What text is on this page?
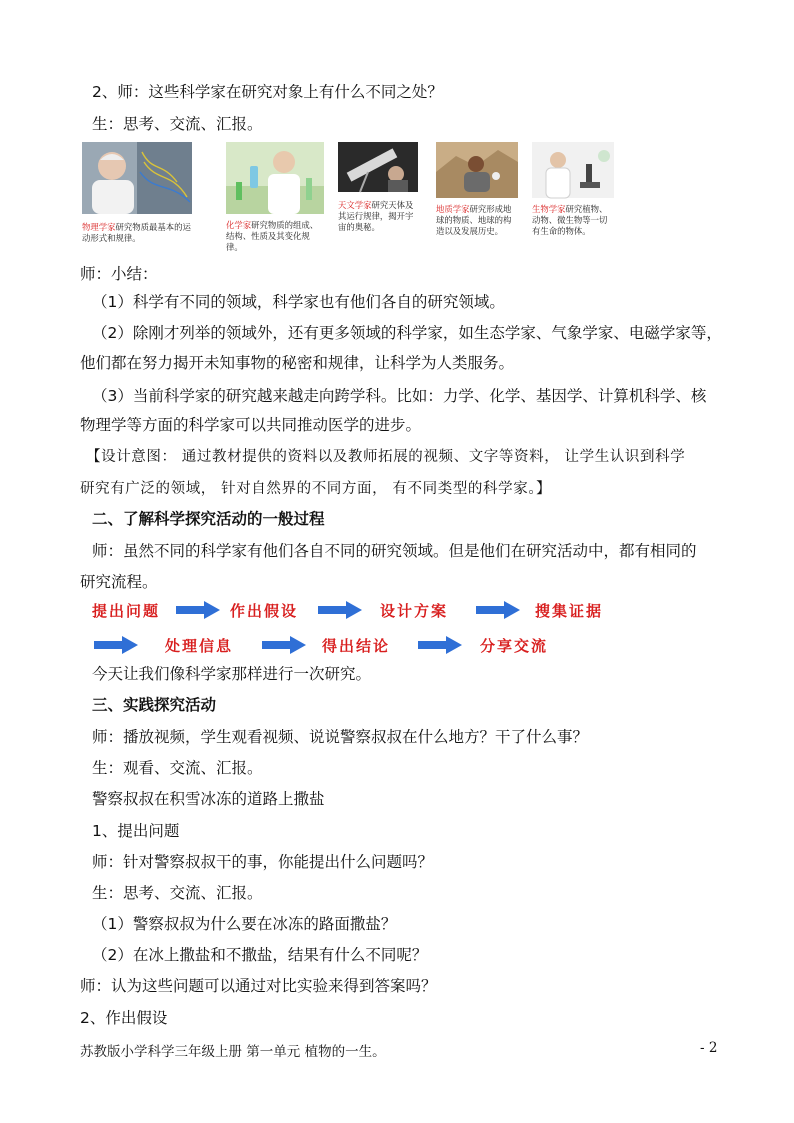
2、师：这些科学家在研究对象上有什么不同之处？
生：思考、交流、汇报。
物理学家研究物质最基本的运动形式和规律。
化学家研究物质的组成、结构、性质及其变化规律。
天文学家研究天体及其运行规律，揭开宇宙的奥秘。
地质学家研究形成地球的物质、地球的构造以及发展历史。
生物学家研究植物、动物、微生物等一切有生命的物体。
师：小结：
（1）科学有不同的领域，科学家也有他们各自的研究领域。
（2）除刚才列举的领域外，还有更多领域的科学家，如生态学家、气象学家、电磁学家等，
他们都在努力揭开未知事物的秘密和规律，让科学为人类服务。
（3）当前科学家的研究越来越走向跨学科。比如：力学、化学、基因学、计算机科学、核
物理学等方面的科学家可以共同推动医学的进步。
【设计意图： 通过教材提供的资料以及教师拓展的视频、文字等资料， 让学生认识到科学
研究有广泛的领域， 针对自然界的不同方面， 有不同类型的科学家。】
二、了解科学探究活动的一般过程
师：虽然不同的科学家有他们各自不同的研究领域。但是他们在研究活动中，都有相同的
研究流程。
提出问题	作出假设	设计方案	搜集证据
处理信息	得出结论	分享交流
今天让我们像科学家那样进行一次研究。
三、实践探究活动
师：播放视频，学生观看视频、说说警察叔叔在什么地方？干了什么事？
生：观看、交流、汇报。
警察叔叔在积雪冰冻的道路上撒盐
1、提出问题
师：针对警察叔叔干的事，你能提出什么问题吗？
生：思考、交流、汇报。
（1）警察叔叔为什么要在冰冻的路面撒盐？
（2）在冰上撒盐和不撒盐，结果有什么不同呢？
师：认为这些问题可以通过对比实验来得到答案吗？
2、作出假设
苏教版小学科学三年级上册 第一单元 植物的一生。	- 2
